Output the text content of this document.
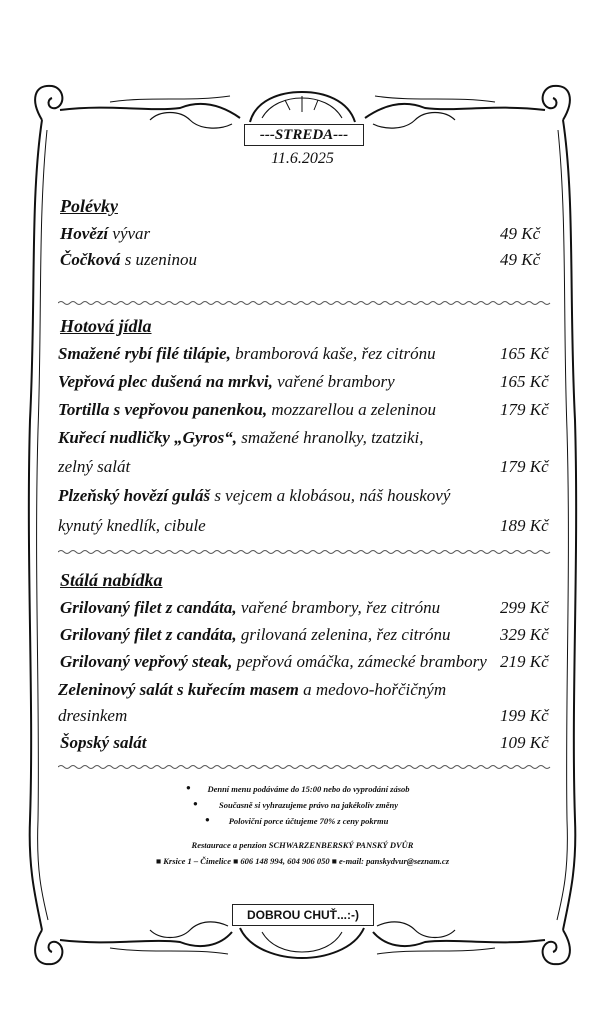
---STREDA---
11.6.2025
Polévky
Hovězí vývar	49 Kč
Čočková s uzeninou	49 Kč
Hotová jídla
Smažené rybí filé tilápie, bramborová kaše, řez citrónu	165 Kč
Vepřová plec dušená na mrkvi, vařené brambory	165 Kč
Tortilla s vepřovou panenkou, mozzarellou a zeleninou	179 Kč
Kuřecí nudličky „Gyros“, smažené hranolky, tzatziki,
zelný salát	179 Kč
Plzeňský hovězí guláš s vejcem a klobásou, náš houskový
kynutý knedlík, cibule	189 Kč
Stálá nabídka
Grilovaný filet z candáta, vařené brambory, řez citrónu	299 Kč
Grilovaný filet z candáta, grilovaná zelenina, řez citrónu	329 Kč
Grilovaný vepřový steak, pepřová omáčka, zámecké brambory 219 Kč
Zeleninový salát s kuřecím masem a medovo-hořčičným
dresinkem	199 Kč
Šopský salát	109 Kč
●	Denní menu podáváme do 15:00 nebo do vyprodání zásob
●	Současně si vyhrazujeme právo na jakékoliv změny
●	Poloviční porce účtujeme 70% z ceny pokrmu
Restaurace a penzion SCHWARZENBERSKÝ PANSKÝ DVŮR
■ Krsice 1 – Čimelice ■ 606 148 994, 604 906 050 ■ e-mail: panskydvur@seznam.cz
DOBROU CHUŤ...:-)
